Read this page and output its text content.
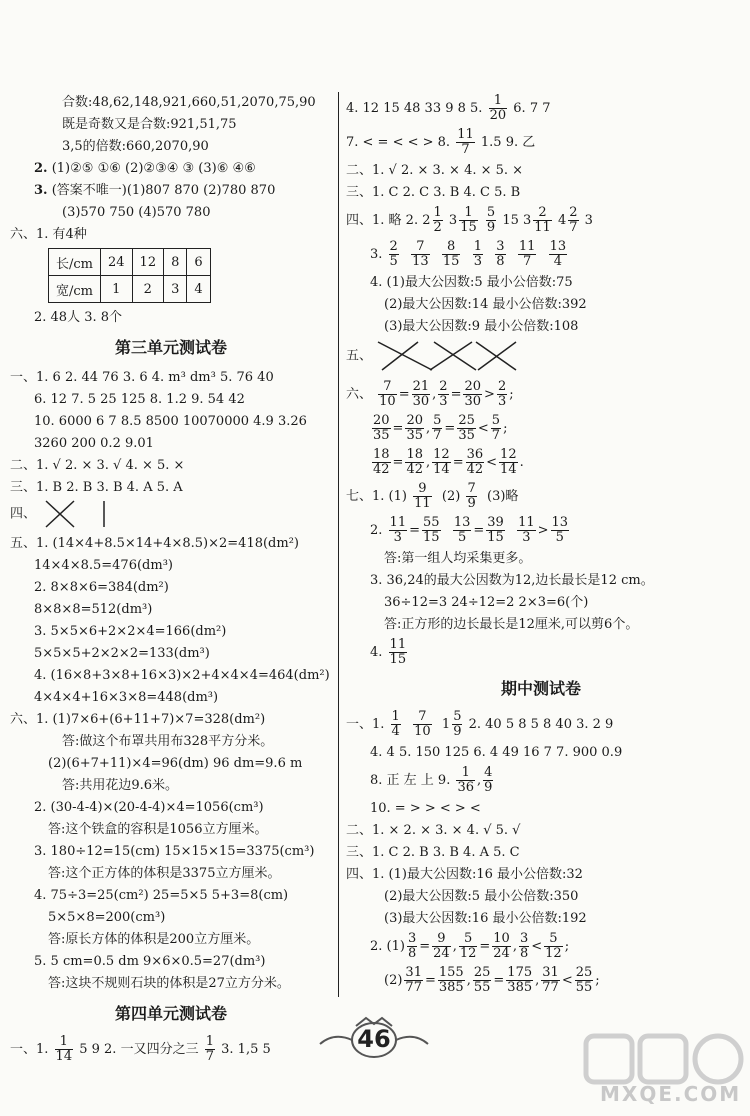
合数:48,62,148,921,660,51,2070,75,90
既是奇数又是合数:921,51,75
3,5的倍数:660,2070,90
2. (1)②⑤ ①⑥ (2)②③④ ③ (3)⑥ ④⑥
3. (答案不唯一)(1)807 870 (2)780 870
(3)570 750 (4)570 780
六、1. 有4种
长/cm	24	12	8	6
宽/cm	1	2	3	4
2. 48人 3. 8个
第三单元测试卷
一、1. 6 2. 44 76 3. 6 4. m³ dm³ 5. 76 40
6. 12 7. 5 25 125 8. 1.2 9. 54 42
10. 6000 6 7 8.5 8500 10070000 4.9 3.26
3260 200 0.2 9.01
二、1. √ 2. × 3. √ 4. × 5. ×
三、1. B 2. B 3. B 4. A 5. A
四、
五、1. (14×4+8.5×14+4×8.5)×2=418(dm²)
14×4×8.5=476(dm³)
2. 8×8×6=384(dm²)
8×8×8=512(dm³)
3. 5×5×6+2×2×4=166(dm²)
5×5×5+2×2×2=133(dm³)
4. (16×8+3×8+16×3)×2+4×4×4=464(dm²)
4×4×4+16×3×8=448(dm³)
六、1. (1)7×6+(6+11+7)×7=328(dm²)
答:做这个布罩共用布328平方分米。
(2)(6+7+11)×4=96(dm) 96 dm=9.6 m
答:共用花边9.6米。
2. (30-4-4)×(20-4-4)×4=1056(cm³)
答:这个铁盒的容积是1056立方厘米。
3. 180÷12=15(cm) 15×15×15=3375(cm³)
答:这个正方体的体积是3375立方厘米。
4. 75÷3=25(cm²) 25=5×5 5+3=8(cm)
5×5×8=200(cm³)
答:原长方体的体积是200立方厘米。
5. 5 cm=0.5 dm 9×6×0.5=27(dm³)
答:这块不规则石块的体积是27立方分米。
第四单元测试卷
一、1. $\frac{1}{14} 5$ 9 2. 一又四分之三 $\frac{1}{7} 3$. 1,5 5
4. 12 15 48 33 9 8 5. $\frac{1}{20} 6$. 7 7
7. < = < < > 8. $\frac{11}{7} 1.5$ 9. 乙
二、1. √ 2. × 3. × 4. × 5. ×
三、1. C 2. C 3. B 4. C 5. B
四、1. 略 2. $2 \frac{1}{2} 3 \frac{1}{15}$
$\frac{5}{9} 15$ $3 \frac{2}{11} 4 \frac{2}{7} 3$
3. $\frac{2}{5}$
$\frac{7}{13}$
$\frac{8}{15}$
$\frac{1}{3}$
$\frac{3}{8}$
$\frac{11}{7}$
$\frac{13}{4}$
4. (1)最大公因数:5 最小公倍数:75
(2)最大公因数:14 最小公倍数:392
(3)最大公因数:9 最小公倍数:108
五、
六、 $\frac{7}{10} = \frac{21}{30}$ , $\frac{2}{3} = \frac{20}{30} > \frac{2}{3}$ ;
$\frac{20}{35} = \frac{20}{35}$ , $\frac{5}{7} = \frac{25}{35} < \frac{5}{7}$ ;
$\frac{18}{42} = \frac{18}{42}$ , $\frac{12}{14} = \frac{36}{42} < \frac{12}{14}$ .
七、1. $(1) \frac{9}{11} (2) \frac{7}{9} (3)$略
2. $\frac{11}{3} = \frac{55}{15}$
$\frac{13}{5} = \frac{39}{15}$
$\frac{11}{3} > \frac{13}{5}$
答:第一组人均采集更多。
3. 36,24的最大公因数为12,边长最长是12 cm。
36÷12=3 24÷12=2 2×3=6(个)
答:正方形的边长最长是12厘米,可以剪6个。
4. $\frac{11}{15}$
期中测试卷
一、1. $\frac{1}{4}$
$\frac{7}{10} 1 \frac{5}{9} 2$. 40 5 8 5 8 40 3. 2 9
4. 4 5. 150 125 6. 4 49 16 7 7. 900 0.9
8. 正 左 上 9. $\frac{1}{36}$ , $\frac{4}{9}$
10. = > > < > <
二、1. × 2. × 3. × 4. √ 5. √
三、1. C 2. B 3. B 4. A 5. C
四、1. (1)最大公因数:16 最小公倍数:32
(2)最大公因数:5 最小公倍数:350
(3)最大公因数:16 最小公倍数:192
2. $(1) \frac{3}{8} = \frac{9}{24}$ , $\frac{5}{12} = \frac{10}{24}$ , $\frac{3}{8} < \frac{5}{12}$ ;
$(2) \frac{31}{77} = \frac{155}{385}$ , $\frac{25}{55} = \frac{175}{385}$ , $\frac{31}{77} < \frac{25}{55}$ ;
46
MXQE.COM
